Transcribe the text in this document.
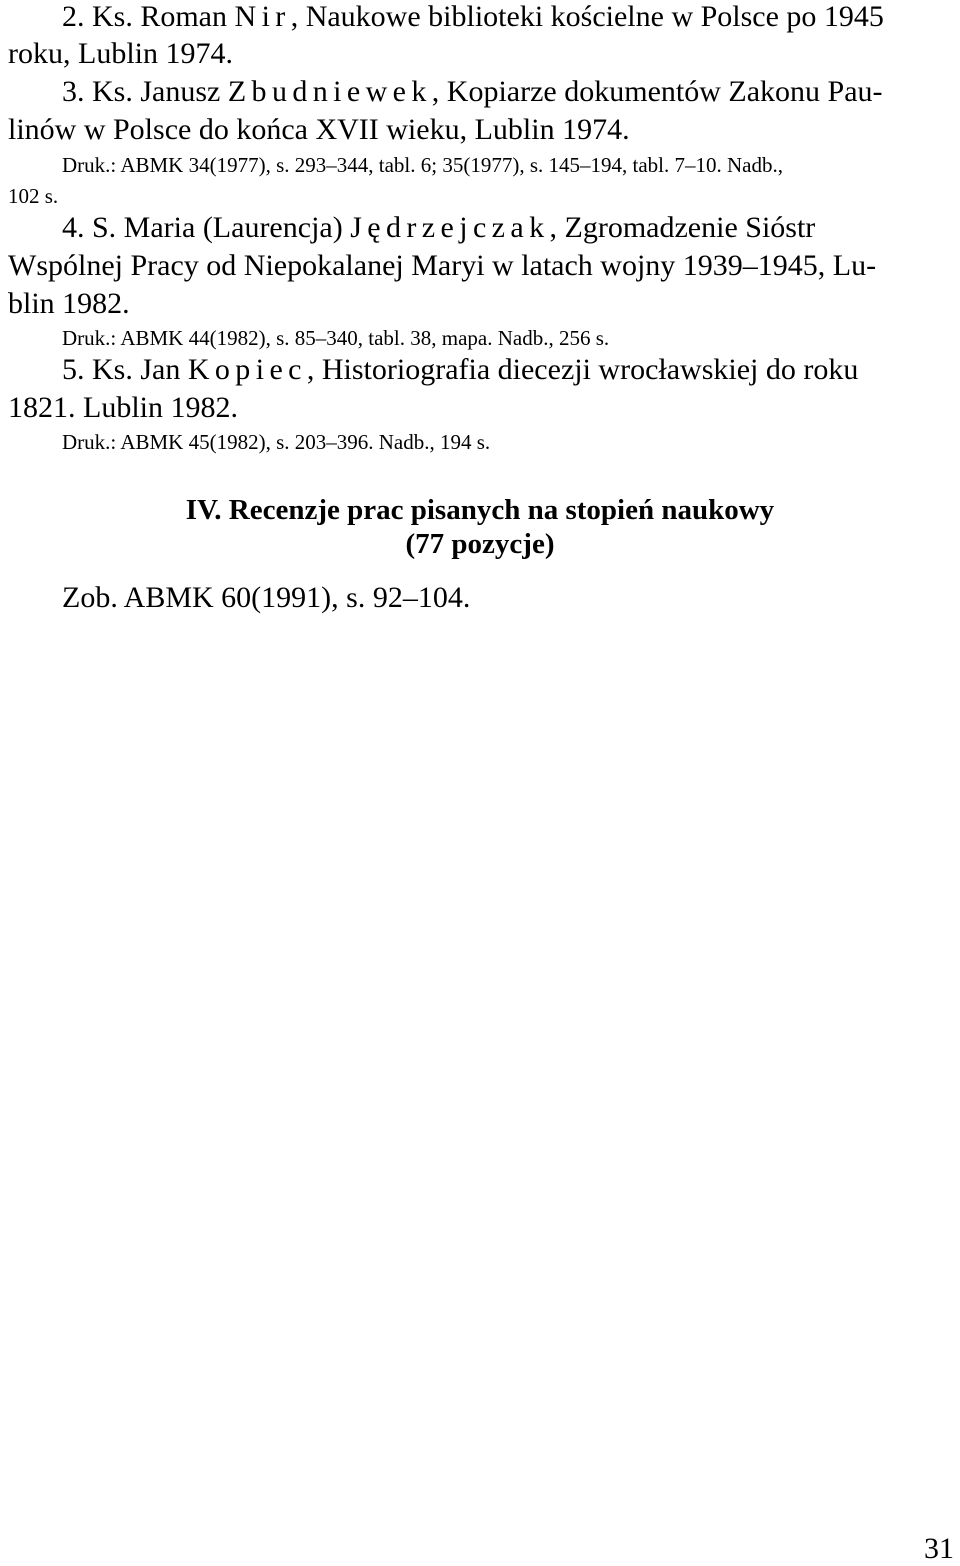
2. Ks. Roman Nir, Naukowe biblioteki kościelne w Polsce po 1945
roku, Lublin 1974.
3. Ks. Janusz Zbudniewek, Kopiarze dokumentów Zakonu Pau-
linów w Polsce do końca XVII wieku, Lublin 1974.
Druk.: ABMK 34(1977), s. 293–344, tabl. 6; 35(1977), s. 145–194, tabl. 7–10. Nadb.,
102 s.
4. S. Maria (Laurencja) Jędrzejczak, Zgromadzenie Sióstr
Wspólnej Pracy od Niepokalanej Maryi w latach wojny 1939–1945, Lu-
blin 1982.
Druk.: ABMK 44(1982), s. 85–340, tabl. 38, mapa. Nadb., 256 s.
5. Ks. Jan Kopiec, Historiografia diecezji wrocławskiej do roku
1821. Lublin 1982.
Druk.: ABMK 45(1982), s. 203–396. Nadb., 194 s.
IV. Recenzje prac pisanych na stopień naukowy
(77 pozycje)
Zob. ABMK 60(1991), s. 92–104.
31
